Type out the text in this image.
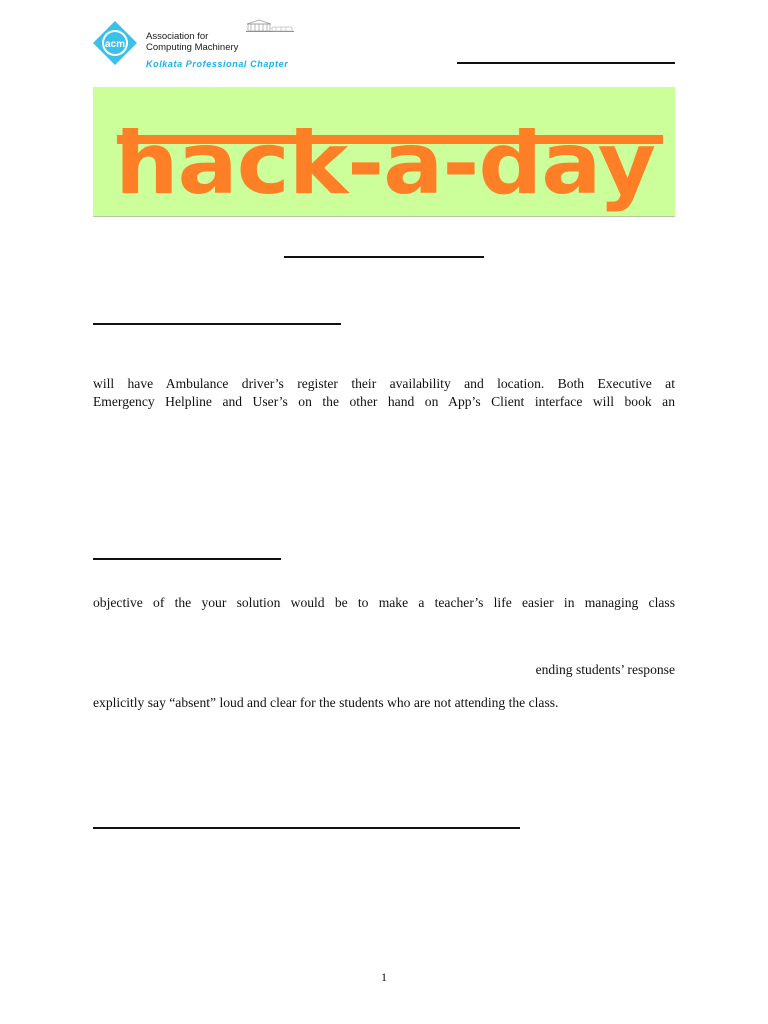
acm
Association for
Computing Machinery
Kolkata Professional Chapter
hack-a-day
will have Ambulance driver’s register their availability and location. Both Executive at
Emergency Helpline and User’s on the other hand on App’s Client interface will book an
objective of the your solution would be to make a teacher’s life easier in managing class
ending students’ response
explicitly say “absent” loud and clear for the students who are not attending the class.
1
